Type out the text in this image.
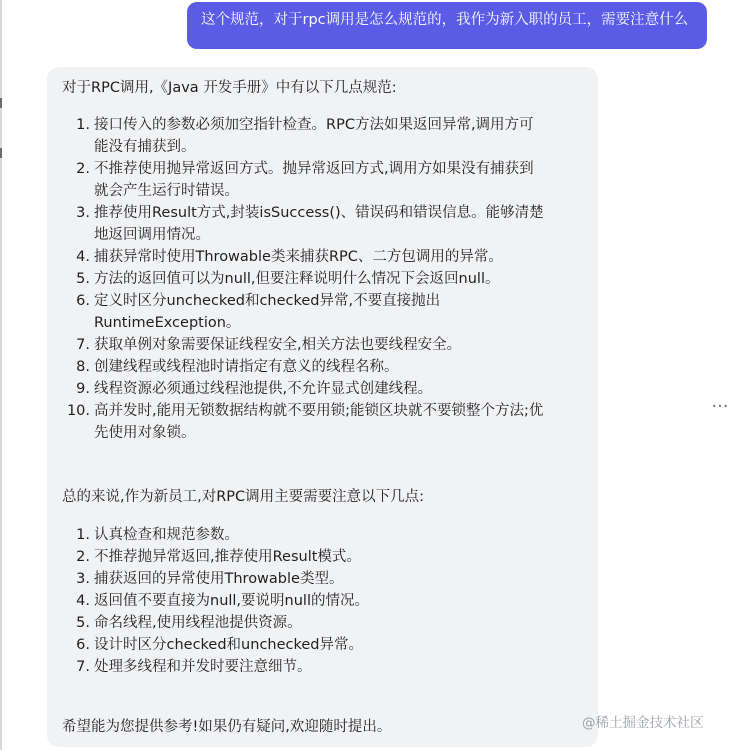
这个规范，对于rpc调用是怎么规范的，我作为新入职的员工，需要注意什么
对于RPC调用,《Java 开发手册》中有以下几点规范:
1. 接口传入的参数必须加空指针检查。RPC方法如果返回异常,调用方可能没有捕获到。
2. 不推荐使用抛异常返回方式。抛异常返回方式,调用方如果没有捕获到就会产生运行时错误。
3. 推荐使用Result方式,封装isSuccess()、错误码和错误信息。能够清楚地返回调用情况。
4. 捕获异常时使用Throwable类来捕获RPC、二方包调用的异常。
5. 方法的返回值可以为null,但要注释说明什么情况下会返回null。
6. 定义时区分unchecked和checked异常,不要直接抛出RuntimeException。
7. 获取单例对象需要保证线程安全,相关方法也要线程安全。
8. 创建线程或线程池时请指定有意义的线程名称。
9. 线程资源必须通过线程池提供,不允许显式创建线程。
10. 高并发时,能用无锁数据结构就不要用锁;能锁区块就不要锁整个方法;优先使用对象锁。
总的来说,作为新员工,对RPC调用主要需要注意以下几点:
1. 认真检查和规范参数。
2. 不推荐抛异常返回,推荐使用Result模式。
3. 捕获返回的异常使用Throwable类型。
4. 返回值不要直接为null,要说明null的情况。
5. 命名线程,使用线程池提供资源。
6. 设计时区分checked和unchecked异常。
7. 处理多线程和并发时要注意细节。
希望能为您提供参考!如果仍有疑问,欢迎随时提出。
···
@稀土掘金技术社区
